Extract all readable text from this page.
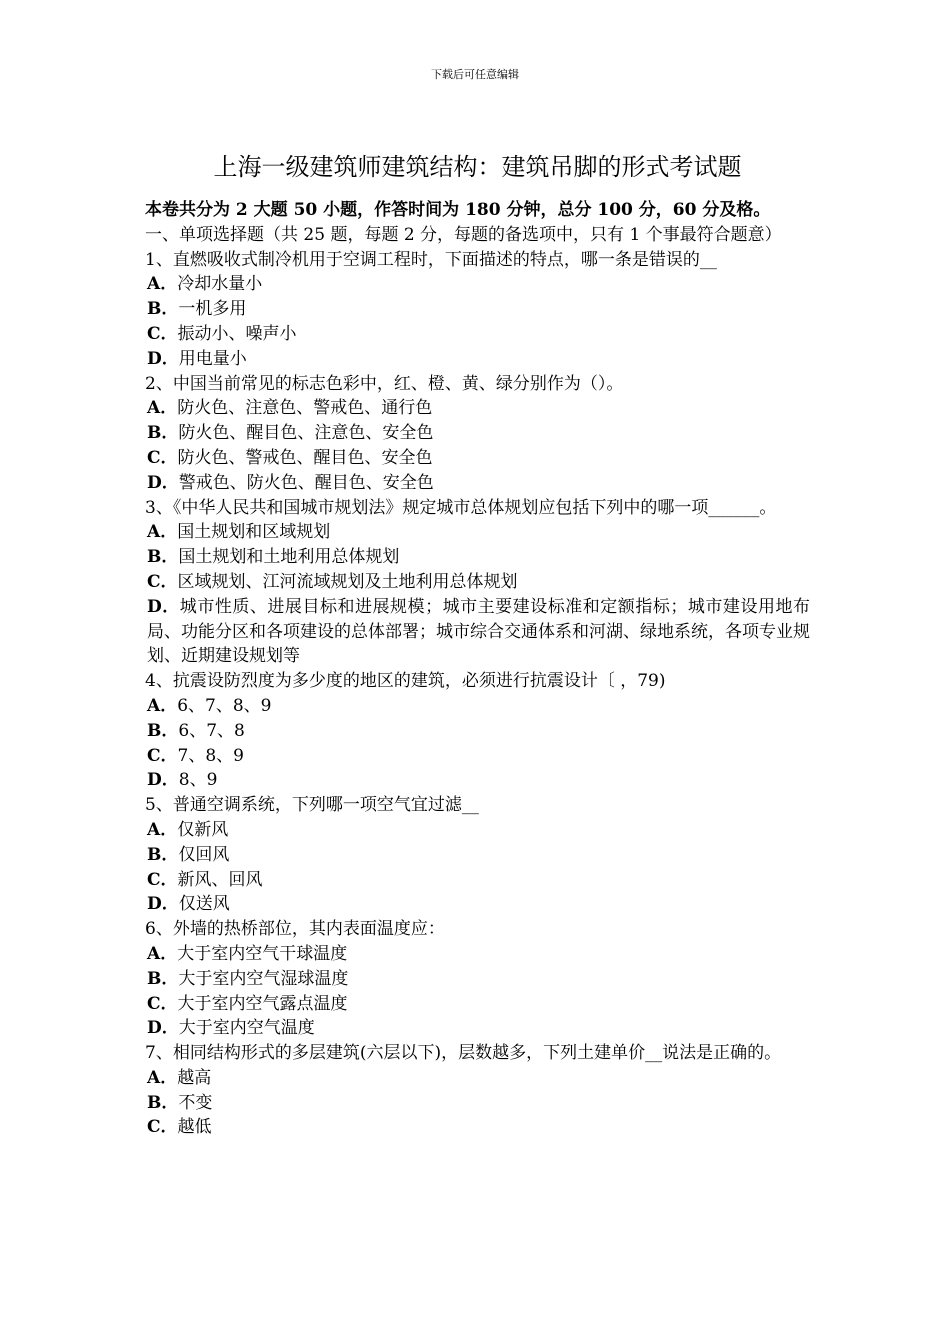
下载后可任意编辑
上海一级建筑师建筑结构：建筑吊脚的形式考试题
本卷共分为 2 大题 50 小题，作答时间为 180 分钟，总分 100 分，60 分及格。
一、单项选择题（共 25 题，每题 2 分，每题的备选项中，只有 1 个事最符合题意）
1、直燃吸收式制冷机用于空调工程时，下面描述的特点，哪一条是错误的__
A．冷却水量小
B．一机多用
C．振动小、噪声小
D．用电量小
2、中国当前常见的标志色彩中，红、橙、黄、绿分别作为（）。
A．防火色、注意色、警戒色、通行色
B．防火色、醒目色、注意色、安全色
C．防火色、警戒色、醒目色、安全色
D．警戒色、防火色、醒目色、安全色
3、《中华人民共和国城市规划法》规定城市总体规划应包括下列中的哪一项______。
A．国土规划和区域规划
B．国土规划和土地利用总体规划
C．区域规划、江河流域规划及土地利用总体规划
D．城市性质、进展目标和进展规模；城市主要建设标准和定额指标；城市建设用地布局、功能分区和各项建设的总体部署；城市综合交通体系和河湖、绿地系统，各项专业规划、近期建设规划等
4、抗震设防烈度为多少度的地区的建筑，必须进行抗震设计〔 ，79)
A．6、7、8、9
B．6、7、8
C．7、8、9
D．8、9
5、普通空调系统，下列哪一项空气宜过滤__
A．仅新风
B．仅回风
C．新风、回风
D．仅送风
6、外墙的热桥部位，其内表面温度应：
A．大于室内空气干球温度
B．大于室内空气湿球温度
C．大于室内空气露点温度
D．大于室内空气温度
7、相同结构形式的多层建筑(六层以下)，层数越多，下列土建单价__说法是正确的。
A．越高
B．不变
C．越低
